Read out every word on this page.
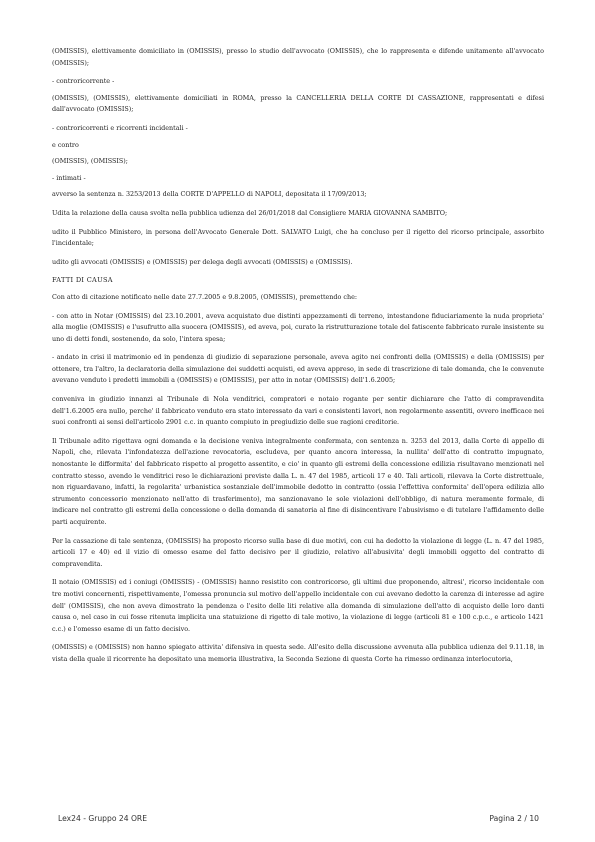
(OMISSIS), elettivamente domiciliato in (OMISSIS), presso lo studio dell'avvocato (OMISSIS), che lo rappresenta e difende unitamente all'avvocato (OMISSIS);

- controricorrente -

(OMISSIS), (OMISSIS), elettivamente domiciliati in ROMA, presso la CANCELLERIA DELLA CORTE DI CASSAZIONE, rappresentati e difesi dall'avvocato (OMISSIS);

- controricorrenti e ricorrenti incidentali -

e contro

(OMISSIS), (OMISSIS);

- intimati -

avverso la sentenza n. 3253/2013 della CORTE D'APPELLO di NAPOLI, depositata il 17/09/2013;

Udita la relazione della causa svolta nella pubblica udienza del 26/01/2018 dal Consigliere MARIA GIOVANNA SAMBITO;

udito il Pubblico Ministero, in persona dell'Avvocato Generale Dott. SALVATO Luigi, che ha concluso per il rigetto del ricorso principale, assorbito l'incidentale;

udito gli avvocati (OMISSIS) e (OMISSIS) per delega degli avvocati (OMISSIS) e (OMISSIS).

FATTI DI CAUSA

Con atto di citazione notificato nelle date 27.7.2005 e 9.8.2005, (OMISSIS), premettendo che:

- con atto in Notar (OMISSIS) del 23.10.2001, aveva acquistato due distinti appezzamenti di terreno, intestandone fiduciariamente la nuda proprieta' alla moglie (OMISSIS) e l'usufrutto alla suocera (OMISSIS), ed aveva, poi, curato la ristrutturazione totale del fatiscente fabbricato rurale insistente su uno di detti fondi, sostenendo, da solo, l'intera spesa;

- andato in crisi il matrimonio ed in pendenza di giudizio di separazione personale, aveva agito nei confronti della (OMISSIS) e della (OMISSIS) per ottenere, tra l'altro, la declaratoria della simulazione dei suddetti acquisti, ed aveva appreso, in sede di trascrizione di tale domanda, che le convenute avevano venduto i predetti immobili a (OMISSIS) e (OMISSIS), per atto in notar (OMISSIS) dell'1.6.2005;

conveniva in giudizio innanzi al Tribunale di Nola venditrici, compratori e notaio rogante per sentir dichiarare che l'atto di compravendita dell'1.6.2005 era nullo, perche' il fabbricato venduto era stato interessato da vari e consistenti lavori, non regolarmente assentiti, ovvero inefficace nei suoi confronti ai sensi dell'articolo 2901 c.c. in quanto compiuto in pregiudizio delle sue ragioni creditorie.

Il Tribunale adito rigettava ogni domanda e la decisione veniva integralmente confermata, con sentenza n. 3253 del 2013, dalla Corte di appello di Napoli, che, rilevata l'infondatezza dell'azione revocatoria, escludeva, per quanto ancora interessa, la nullita' dell'atto di contratto impugnato, nonostante le difformita' del fabbricato rispetto al progetto assentito, e cio' in quanto gli estremi della concessione edilizia risultavano menzionati nel contratto stesso, avendo le venditrici reso le dichiarazioni previste dalla L. n. 47 del 1985, articoli 17 e 40. Tali articoli, rilevava la Corte distrettuale, non riguardavano, infatti, la regolarita' urbanistica sostanziale dell'immobile dedotto in contratto (ossia l'effettiva conformita' dell'opera edilizia allo strumento concessorio menzionato nell'atto di trasferimento), ma sanzionavano le sole violazioni dell'obbligo, di natura meramente formale, di indicare nel contratto gli estremi della concessione o della domanda di sanatoria al fine di disincentivare l'abusivismo e di tutelare l'affidamento delle parti acquirente.

Per la cassazione di tale sentenza, (OMISSIS) ha proposto ricorso sulla base di due motivi, con cui ha dedotto la violazione di legge (L. n. 47 del 1985, articoli 17 e 40) ed il vizio di omesso esame del fatto decisivo per il giudizio, relativo all'abusivita' degli immobili oggetto del contratto di compravendita.

Il notaio (OMISSIS) ed i coniugi (OMISSIS) - (OMISSIS) hanno resistito con controricorso, gli ultimi due proponendo, altresi', ricorso incidentale con tre motivi concernenti, rispettivamente, l'omessa pronuncia sul motivo dell'appello incidentale con cui avevano dedotto la carenza di interesse ad agire dell' (OMISSIS), che non aveva dimostrato la pendenza o l'esito delle liti relative alla domanda di simulazione dell'atto di acquisto delle loro danti causa o, nel caso in cui fosse ritenuta implicita una statuizione di rigetto di tale motivo, la violazione di legge (articoli 81 e 100 c.p.c., e articolo 1421 c.c.) e l'omesso esame di un fatto decisivo.

(OMISSIS) e (OMISSIS) non hanno spiegato attivita' difensiva in questa sede. All'esito della discussione avvenuta alla pubblica udienza del 9.11.18, in vista della quale il ricorrente ha depositato una memoria illustrativa, la Seconda Sezione di questa Corte ha rimesso ordinanza interlocutoria,

Lex24 - Gruppo 24 ORE	Pagina 2 / 10
